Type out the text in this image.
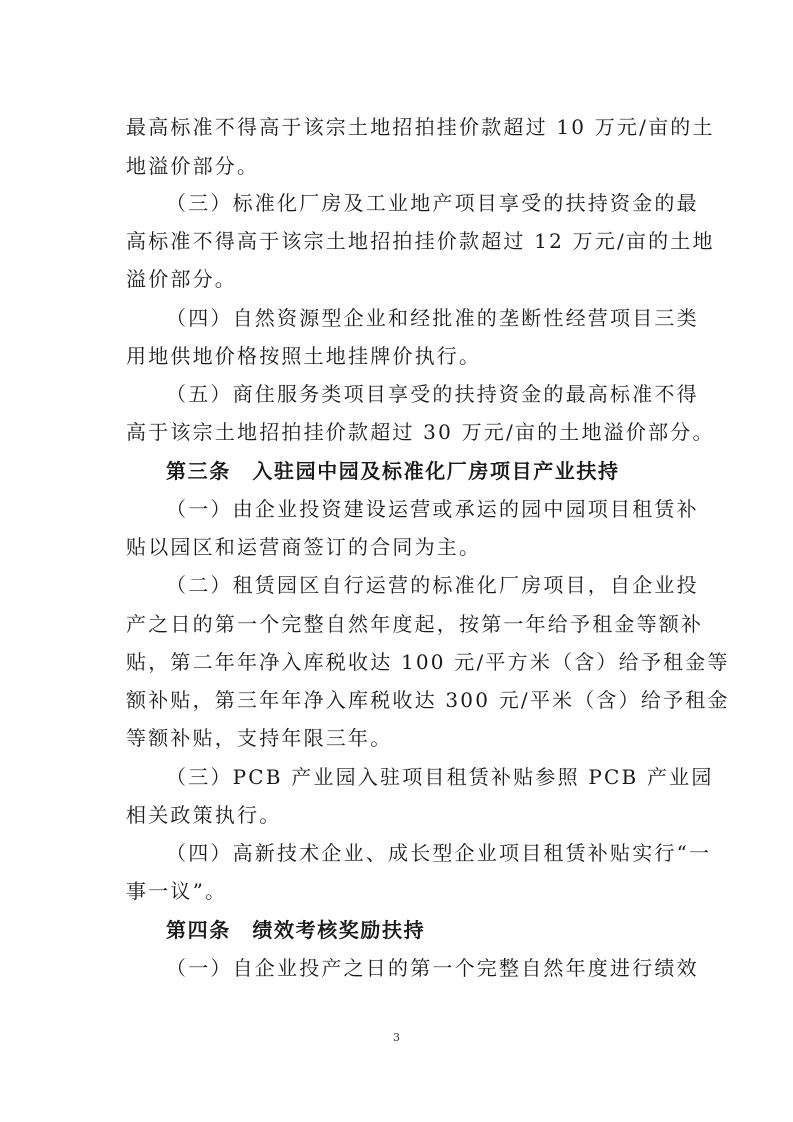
最高标准不得高于该宗土地招拍挂价款超过 10 万元/亩的土
地溢价部分。
（三）标准化厂房及工业地产项目享受的扶持资金的最
高标准不得高于该宗土地招拍挂价款超过 12 万元/亩的土地
溢价部分。
（四）自然资源型企业和经批准的垄断性经营项目三类
用地供地价格按照土地挂牌价执行。
（五）商住服务类项目享受的扶持资金的最高标准不得
高于该宗土地招拍挂价款超过 30 万元/亩的土地溢价部分。
第三条　入驻园中园及标准化厂房项目产业扶持
（一）由企业投资建设运营或承运的园中园项目租赁补
贴以园区和运营商签订的合同为主。
（二）租赁园区自行运营的标准化厂房项目，自企业投
产之日的第一个完整自然年度起，按第一年给予租金等额补
贴，第二年年净入库税收达 100 元/平方米（含）给予租金等
额补贴，第三年年净入库税收达 300 元/平米（含）给予租金
等额补贴，支持年限三年。
（三）PCB 产业园入驻项目租赁补贴参照 PCB 产业园
相关政策执行。
（四）高新技术企业、成长型企业项目租赁补贴实行“一
事一议”。
第四条　绩效考核奖励扶持
（一）自企业投产之日的第一个完整自然年度进行绩效
3
